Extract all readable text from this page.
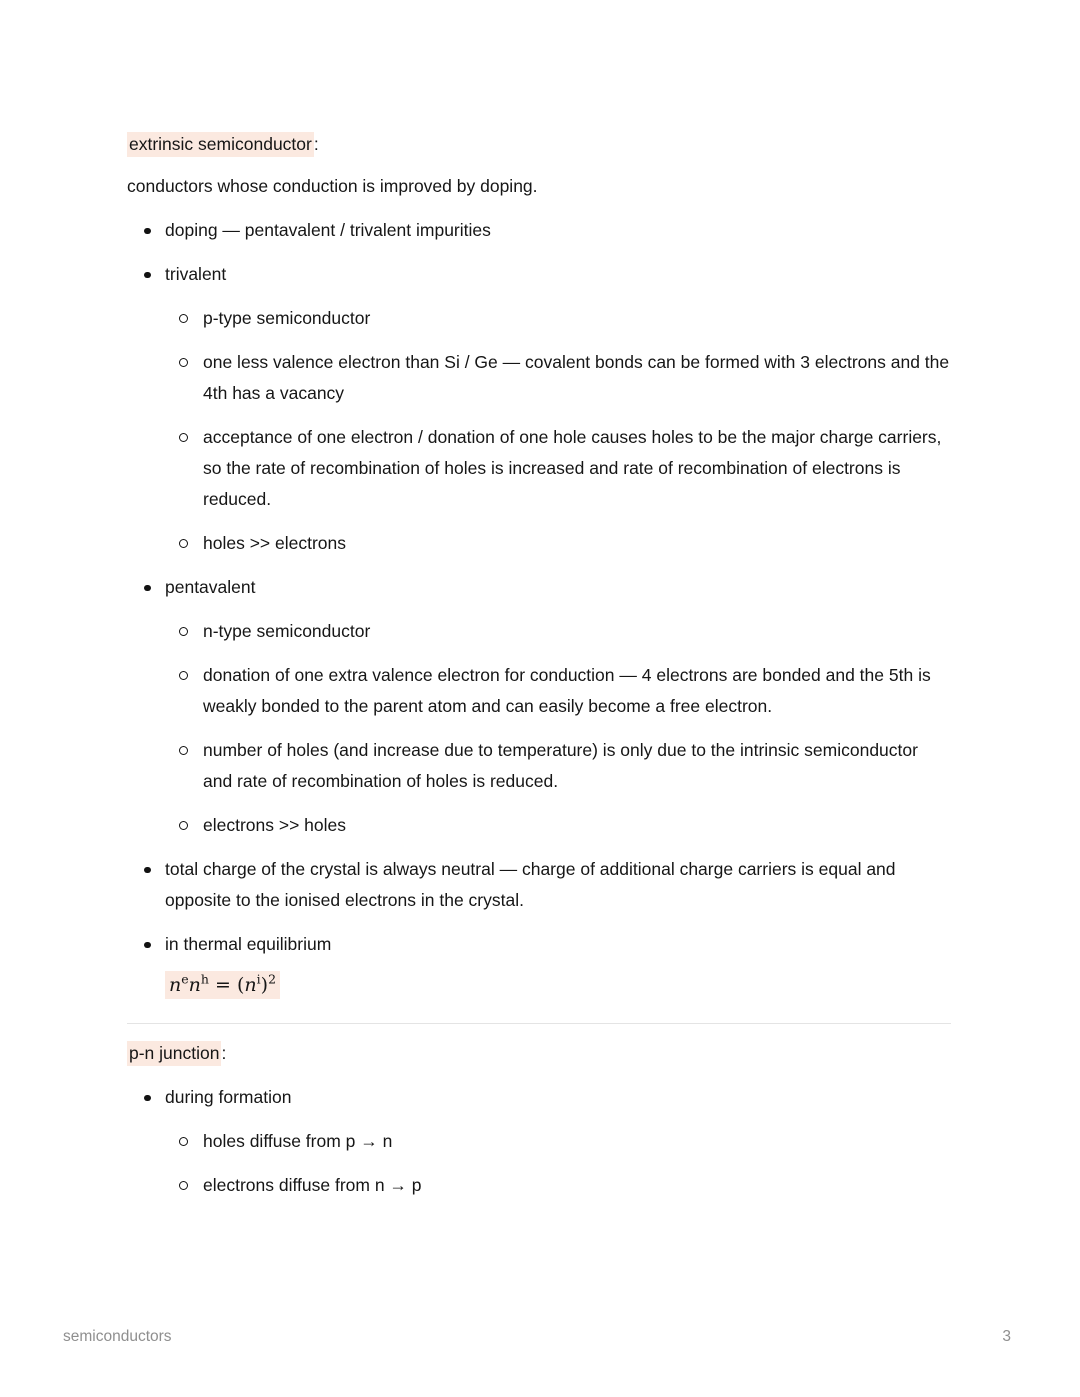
extrinsic semiconductor :

conductors whose conduction is improved by doping.

doping — pentavalent / trivalent impurities
trivalent
p-type semiconductor
one less valence electron than Si / Ge — covalent bonds can be formed with 3 electrons and the 4th has a vacancy
acceptance of one electron / donation of one hole causes holes to be the major charge carriers, so the rate of recombination of holes is increased and rate of recombination of electrons is reduced.
holes >> electrons
pentavalent
n-type semiconductor
donation of one extra valence electron for conduction — 4 electrons are bonded and the 5th is weakly bonded to the parent atom and can easily become a free electron.
number of holes (and increase due to temperature) is only due to the intrinsic semiconductor and rate of recombination of holes is reduced.
electrons >> holes
total charge of the crystal is always neutral — charge of additional charge carriers is equal and opposite to the ionised electrons in the crystal.
in thermal equilibrium
$n^en^h = (n^i)^2$

p-n junction :

during formation
holes diffuse from p → n
electrons diffuse from n → p
semiconductors	3
